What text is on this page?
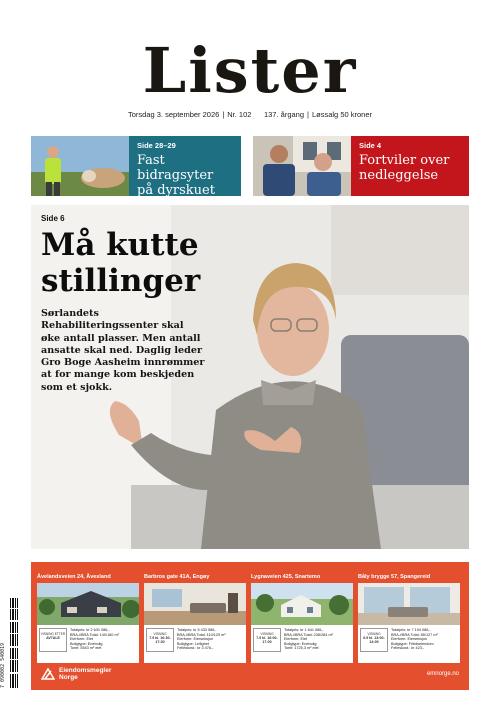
Lister
Torsdag 3. september 2026 | Nr. 102 137. årgang | Løssalg 50 kroner
Side 28–29
Fast bidragsyter på dyrskuet
Side 4
Fortviler over nedleggelse
Side 6
Må kutte stillinger
Sørlandets Rehabiliteringssenter skal øke antall plasser. Men antall ansatte skal ned. Daglig leder Gro Boge Aasheim innrømmer at for mange kom beskjeden som et sjokk.
7 090002 540019
Åvelandsveien 24, Åvesland
VISNING ETTER
AVTALE
Totalpris: kr 2 631 086,-
BRA-i/BRA Total: 140/160 m²
Eierform: Eiet
Boligtype: Enebolig
Tomt: 5543 m² eiet
Barbros gate 41A, Engøy
VISNING
7.9 kl. 16:30-17:30
Totalpris: kr 5 433 586,-
BRA-i/BRA Total: 110/129 m²
Eierform: Eierseksjon
Boligtype: Leilighet
Felleskost.: kr 3 476,-
Lygnaveien 425, Snartemo
VISNING
7.9 kl. 16:00-17:00
Totalpris: kr 1 641 086,-
BRA-i/BRA Total: 238/284 m²
Eierform: Eiet
Boligtype: Enebolig
Tomt: 1725,3 m² eiet
Båly brygge 57, Spangereid
VISNING
6.9 kl. 13:00-14:00
Totalpris: kr 7 194 086,-
BRA-i/BRA Total: 85/127 m²
Eierform: Eierseksjon
Boligtype: Fritidseiendom
Felleskost.: kr 423,-
Eiendomsmegler
Norge	emnorge.no
